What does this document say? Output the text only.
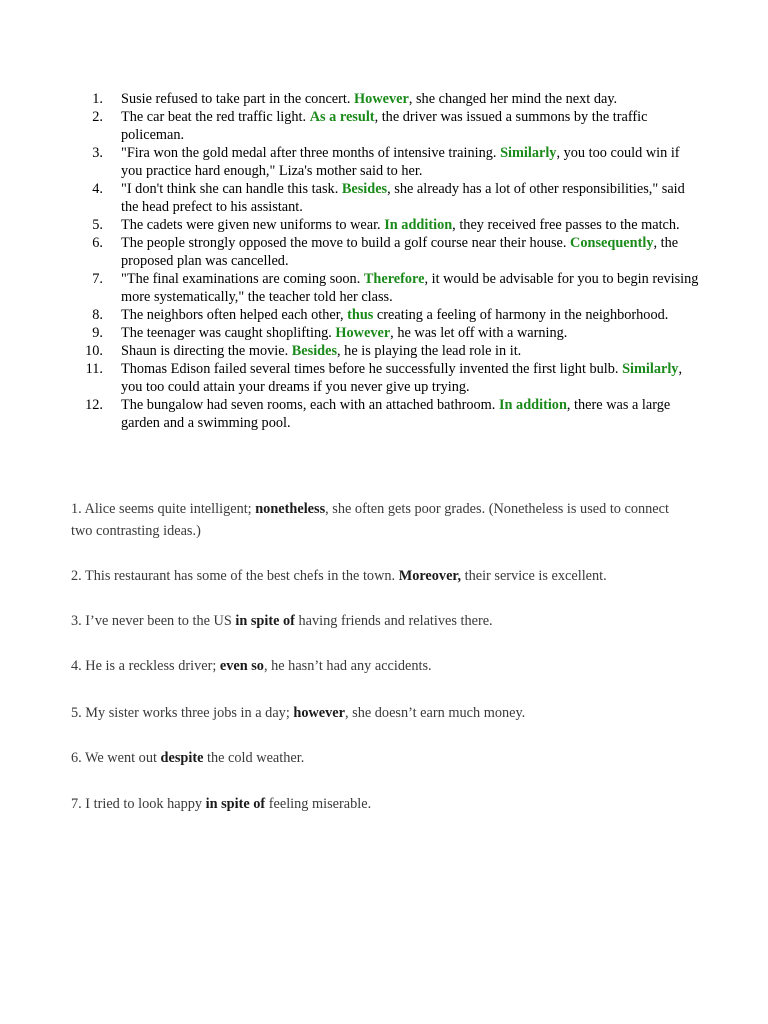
1. Susie refused to take part in the concert. However, she changed her mind the next day.
2. The car beat the red traffic light. As a result, the driver was issued a summons by the traffic policeman.
3. "Fira won the gold medal after three months of intensive training. Similarly, you too could win if you practice hard enough," Liza's mother said to her.
4. "I don't think she can handle this task. Besides, she already has a lot of other responsibilities," said the head prefect to his assistant.
5. The cadets were given new uniforms to wear. In addition, they received free passes to the match.
6. The people strongly opposed the move to build a golf course near their house. Consequently, the proposed plan was cancelled.
7. "The final examinations are coming soon. Therefore, it would be advisable for you to begin revising more systematically," the teacher told her class.
8. The neighbors often helped each other, thus creating a feeling of harmony in the neighborhood.
9. The teenager was caught shoplifting. However, he was let off with a warning.
10. Shaun is directing the movie. Besides, he is playing the lead role in it.
11. Thomas Edison failed several times before he successfully invented the first light bulb. Similarly, you too could attain your dreams if you never give up trying.
12. The bungalow had seven rooms, each with an attached bathroom. In addition, there was a large garden and a swimming pool.

1. Alice seems quite intelligent; nonetheless, she often gets poor grades. (Nonetheless is used to connect two contrasting ideas.)

2. This restaurant has some of the best chefs in the town. Moreover, their service is excellent.

3. I’ve never been to the US in spite of having friends and relatives there.

4. He is a reckless driver; even so, he hasn’t had any accidents.

5. My sister works three jobs in a day; however, she doesn’t earn much money.

6. We went out despite the cold weather.

7. I tried to look happy in spite of feeling miserable.
